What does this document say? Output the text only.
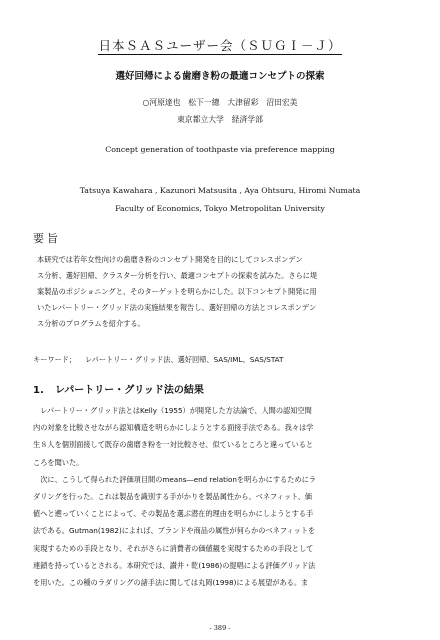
日本ＳＡＳユーザー会（ＳＵＧＩ－Ｊ）
選好回帰による歯磨き粉の最適コンセプトの探索
○河原達也　松下一總　大津留彩　沼田宏美
東京都立大学　経済学部
Concept generation of toothpaste via preference mapping
Tatsuya Kawahara , Kazunori Matsusita , Aya Ohtsuru, Hiromi Numata
Faculty of Economics, Tokyo Metropolitan University
要旨
本研究では若年女性向けの歯磨き粉のコンセプト開発を目的にしてコレスポンデン
ス分析、選好回帰、クラスター分析を行い、最適コンセプトの探索を試みた。さらに堤
案製品のポジショニングと、そのターゲットを明らかにした。以下コンセプト開発に用
いたレパートリー・グリッド法の実施結果を報告し、選好回帰の方法とコレスポンデン
ス分析のプログラムを紹介する。
キーワード； レパートリー・グリッド法、選好回帰、SAS/IML、SAS/STAT
1. レパートリー・グリッド法の結果
　レパートリー・グリッド法とはKelly（1955）が開発した方法論で、人間の認知空間
内の対象を比較させながら認知構造を明らかにしようとする面接手法である。我々は学
生８人を個別面接して既存の歯磨き粉を一対比較させ、似ているところと違っていると
ころを聞いた。
　次に、こうして得られた評価項目間のmeans―end relationを明らかにするためにラ
ダリングを行った。これは製品を識別する手がかりを製品属性から、ベネフィット、価
値へと遡っていくことによって、その製品を選ぶ潜在的理由を明らかにしようとする手
法である。Gutman(1982)によれば、ブランドや商品の属性が何らかのベネフィットを
実現するための手段となり、それがさらに消費者の価値観を実現するための手段として
連鎖を持っているとされる。本研究では、讃井・乾(1986)の提唱による評価グリッド法
を用いた。この種のラダリングの諸手法に関しては丸岡(1998)による展望がある。ま
- 389 -
